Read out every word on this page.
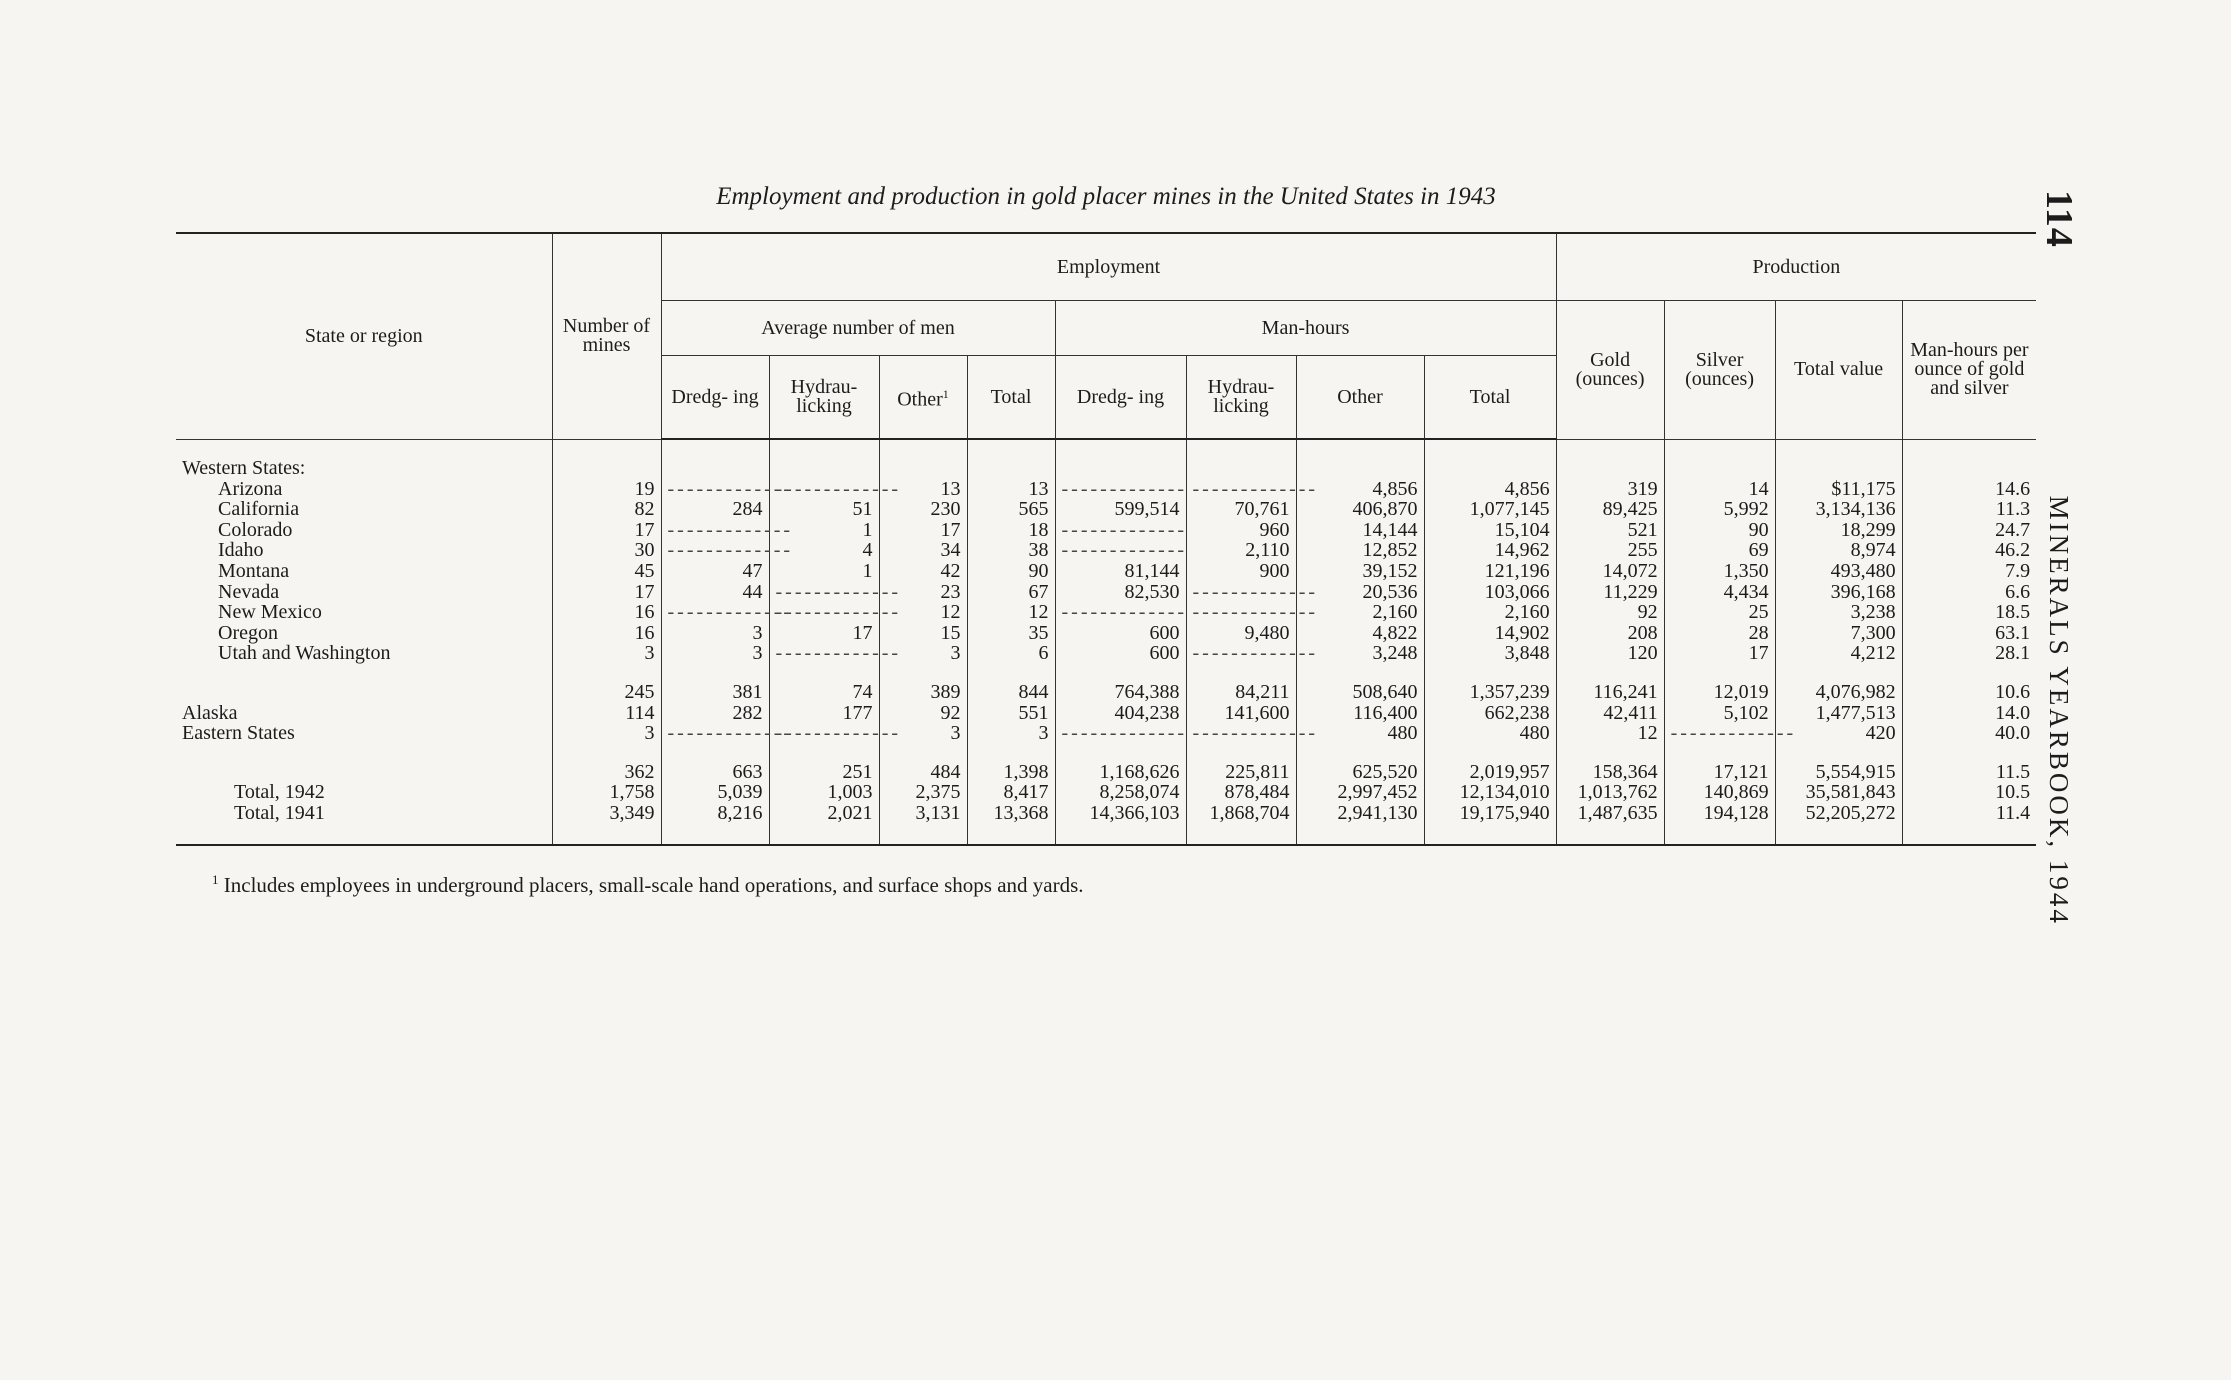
Employment and production in gold placer mines in the United States in 1943	114 MINERALS YEARBOOK, 1944
State or region	Number of mines	Employment								Production			
		Average number of men				Man-hours				Gold (ounces)	Silver (ounces)	Total value	Man-hours per ounce of gold and silver
		Dredg- ing	Hydrau- licking	Other$^1$	Total	Dredg- ing	Hydrau- licking	Other	Total				

Western States:													
Arizona	19	- - - - - - - - - - - - -	- - - - - - - - - - - - -	13	13	- - - - - - - - - - - - -	- - - - - - - - - - - - -	4,856	4,856	319	14	$11,175	14.6
California	82	284	51	230	565	599,514	70,761	406,870	1,077,145	89,425	5,992	3,134,136	11.3
Colorado	17	- - - - - - - - - - - - -	1	17	18	- - - - - - - - - - - - -	960	14,144	15,104	521	90	18,299	24.7
Idaho	30	- - - - - - - - - - - - -	4	34	38	- - - - - - - - - - - - -	2,110	12,852	14,962	255	69	8,974	46.2
Montana	45	47	1	42	90	81,144	900	39,152	121,196	14,072	1,350	493,480	7.9
Nevada	17	44	- - - - - - - - - - - - -	23	67	82,530	- - - - - - - - - - - - -	20,536	103,066	11,229	4,434	396,168	6.6
New Mexico	16	- - - - - - - - - - - - -	- - - - - - - - - - - - -	12	12	- - - - - - - - - - - - -	- - - - - - - - - - - - -	2,160	2,160	92	25	3,238	18.5
Oregon	16	3	17	15	35	600	9,480	4,822	14,902	208	28	7,300	63.1
Utah and Washington	3	3	- - - - - - - - - - - - -	3	6	600	- - - - - - - - - - - - -	3,248	3,848	120	17	4,212	28.1

	245	381	74	389	844	764,388	84,211	508,640	1,357,239	116,241	12,019	4,076,982	10.6
Alaska	114	282	177	92	551	404,238	141,600	116,400	662,238	42,411	5,102	1,477,513	14.0
Eastern States	3	- - - - - - - - - - - - -	- - - - - - - - - - - - -	3	3	- - - - - - - - - - - - -	- - - - - - - - - - - - -	480	480	12	- - - - - - - - - - - - -	420	40.0

	362	663	251	484	1,398	1,168,626	225,811	625,520	2,019,957	158,364	17,121	5,554,915	11.5
Total, 1942	1,758	5,039	1,003	2,375	8,417	8,258,074	878,484	2,997,452	12,134,010	1,013,762	140,869	35,581,843	10.5
Total, 1941	3,349	8,216	2,021	3,131	13,368	14,366,103	1,868,704	2,941,130	19,175,940	1,487,635	194,128	52,205,272	11.4
$^1$ Includes employees in underground placers, small-scale hand operations, and surface shops and yards.
